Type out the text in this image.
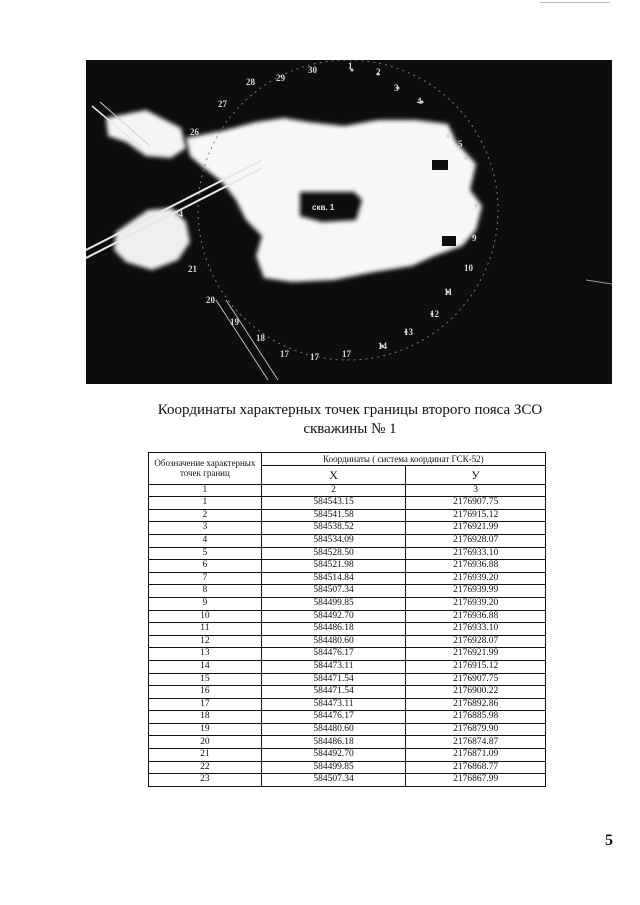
1
2
3
4
5
7
9
10
11
12
13
14
17
17
17
18
19
20
21
24
26
27
28 29
30
скв. 1
Координаты характерных точек границы второго пояса ЗСО
скважины № 1
Обозначение характерных точек границ	Координаты ( система координат ГСК-52)	
	X	У
1	2	3
1	584543.15	2176907.75
2	584541.58	2176915.12
3	584538.52	2176921.99
4	584534.09	2176928.07
5	584528.50	2176933.10
6	584521.98	2176936.88
7	584514.84	2176939.20
8	584507.34	2176939.99
9	584499.85	2176939.20
10	584492.70	2176936.88
11	584486.18	2176933.10
12	584480.60	2176928.07
13	584476.17	2176921.99
14	584473.11	2176915.12
15	584471.54	2176907.75
16	584471.54	2176900.22
17	584473.11	2176892.86
18	584476.17	2176885.98
19	584480.60	2176879.90
20	584486.18	2176874.87
21	584492.70	2176871.09
22	584499.85	2176868.77
23	584507.34	2176867.99
5
